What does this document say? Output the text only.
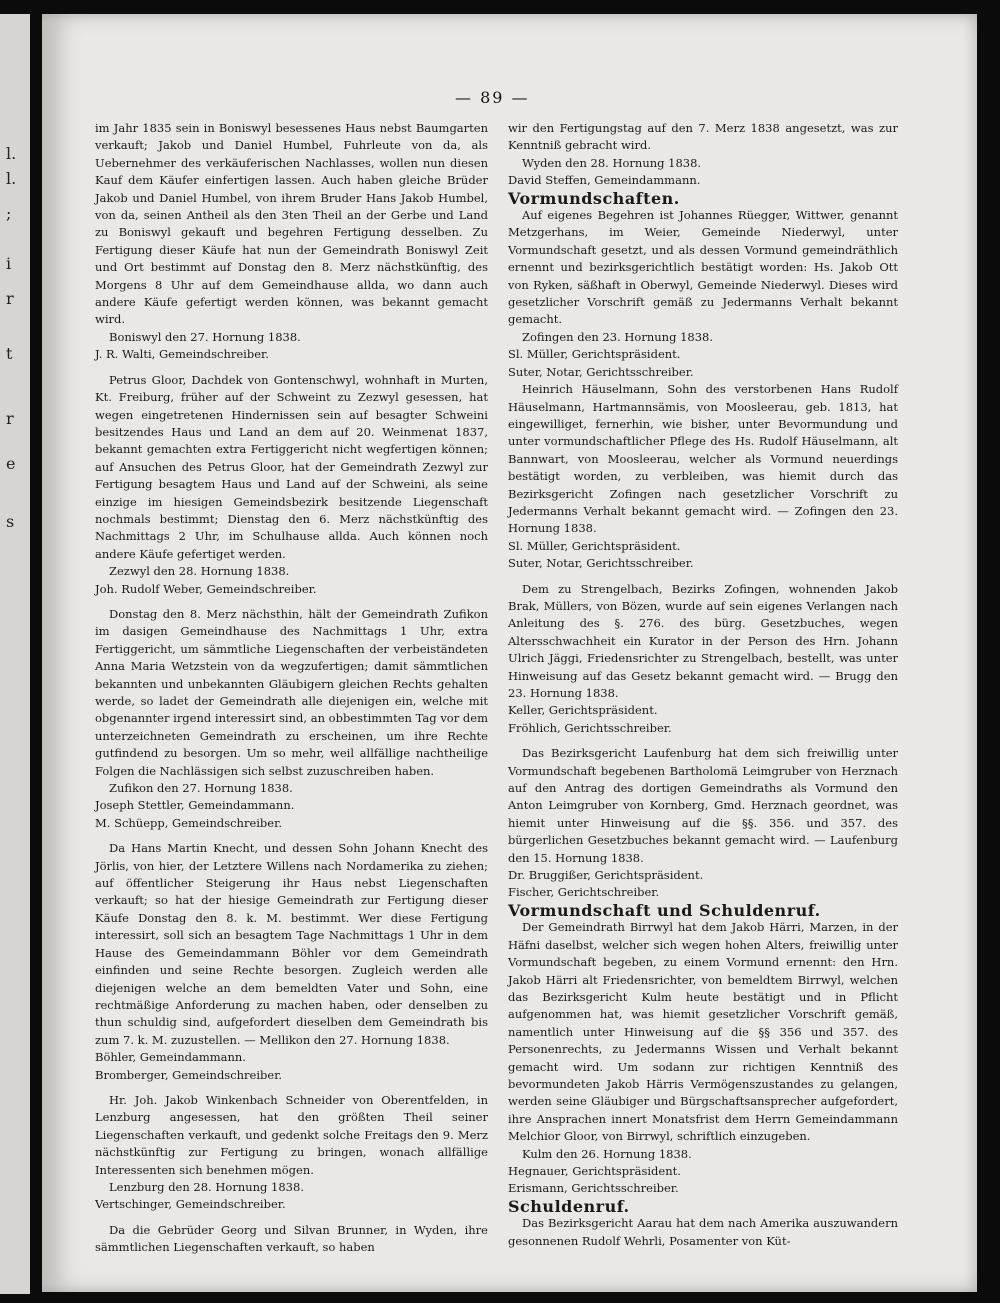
l.
l.
;
i
r
t
r
e
s
— 89 —

im Jahr 1835 sein in Boniswyl besessenes Haus nebst Baumgarten verkauft; Jakob und Daniel Humbel, Fuhrleute von da, als Uebernehmer des verkäuferischen Nachlasses, wollen nun diesen Kauf dem Käufer einfertigen lassen. Auch haben gleiche Brüder Jakob und Daniel Humbel, von ihrem Bruder Hans Jakob Humbel, von da, seinen Antheil als den 3ten Theil an der Gerbe und Land zu Boniswyl gekauft und begehren Fertigung desselben. Zu Fertigung dieser Käufe hat nun der Gemeindrath Boniswyl Zeit und Ort bestimmt auf Donstag den 8. Merz nächstkünftig, des Morgens 8 Uhr auf dem Gemeindhause allda, wo dann auch andere Käufe gefertigt werden können, was bekannt gemacht wird.

Boniswyl den 27. Hornung 1838.

J. R. Walti, Gemeindschreiber.

Petrus Gloor, Dachdek von Gontenschwyl, wohnhaft in Murten, Kt. Freiburg, früher auf der Schweint zu Zezwyl gesessen, hat wegen eingetretenen Hindernissen sein auf besagter Schweini besitzendes Haus und Land an dem auf 20. Weinmenat 1837, bekannt gemachten extra Fertiggericht nicht wegfertigen können; auf Ansuchen des Petrus Gloor, hat der Gemeindrath Zezwyl zur Fertigung besagtem Haus und Land auf der Schweini, als seine einzige im hiesigen Gemeindsbezirk besitzende Liegenschaft nochmals bestimmt; Dienstag den 6. Merz nächstkünftig des Nachmittags 2 Uhr, im Schulhause allda. Auch können noch andere Käufe gefertiget werden.

Zezwyl den 28. Hornung 1838.

Joh. Rudolf Weber, Gemeindschreiber.

Donstag den 8. Merz nächsthin, hält der Gemeindrath Zufikon im dasigen Gemeindhause des Nachmittags 1 Uhr, extra Fertiggericht, um sämmtliche Liegenschaften der verbeiständeten Anna Maria Wetzstein von da wegzufertigen; damit sämmtlichen bekannten und unbekannten Gläubigern gleichen Rechts gehalten werde, so ladet der Gemeindrath alle diejenigen ein, welche mit obgenannter irgend interessirt sind, an obbestimmten Tag vor dem unterzeichneten Gemeindrath zu erscheinen, um ihre Rechte gutfindend zu besorgen. Um so mehr, weil allfällige nachtheilige Folgen die Nachlässigen sich selbst zuzuschreiben haben.

Zufikon den 27. Hornung 1838.

Joseph Stettler, Gemeindammann.

M. Schüepp, Gemeindschreiber.

Da Hans Martin Knecht, und dessen Sohn Johann Knecht des Jörlis, von hier, der Letztere Willens nach Nordamerika zu ziehen; auf öffentlicher Steigerung ihr Haus nebst Liegenschaften verkauft; so hat der hiesige Gemeindrath zur Fertigung dieser Käufe Donstag den 8. k. M. bestimmt. Wer diese Fertigung interessirt, soll sich an besagtem Tage Nachmittags 1 Uhr in dem Hause des Gemeindammann Böhler vor dem Gemeindrath einfinden und seine Rechte besorgen. Zugleich werden alle diejenigen welche an dem bemeldten Vater und Sohn, eine rechtmäßige Anforderung zu machen haben, oder denselben zu thun schuldig sind, aufgefordert dieselben dem Gemeindrath bis zum 7. k. M. zuzustellen. — Mellikon den 27. Hornung 1838.

Böhler, Gemeindammann.

Bromberger, Gemeindschreiber.

Hr. Joh. Jakob Winkenbach Schneider von Oberentfelden, in Lenzburg angesessen, hat den größten Theil seiner Liegenschaften verkauft, und gedenkt solche Freitags den 9. Merz nächstkünftig zur Fertigung zu bringen, wonach allfällige Interessenten sich benehmen mögen.

Lenzburg den 28. Hornung 1838.

Vertschinger, Gemeindschreiber.

Da die Gebrüder Georg und Silvan Brunner, in Wyden, ihre sämmtlichen Liegenschaften verkauft, so haben

wir den Fertigungstag auf den 7. Merz 1838 angesetzt, was zur Kenntniß gebracht wird.

Wyden den 28. Hornung 1838.

David Steffen, Gemeindammann.

Vormundschaften.

Auf eigenes Begehren ist Johannes Rüegger, Wittwer, genannt Metzgerhans, im Weier, Gemeinde Niederwyl, unter Vormundschaft gesetzt, und als dessen Vormund gemeindräthlich ernennt und bezirksgerichtlich bestätigt worden: Hs. Jakob Ott von Ryken, säßhaft in Oberwyl, Gemeinde Niederwyl. Dieses wird gesetzlicher Vorschrift gemäß zu Jedermanns Verhalt bekannt gemacht.

Zofingen den 23. Hornung 1838.

Sl. Müller, Gerichtspräsident.

Suter, Notar, Gerichtsschreiber.

Heinrich Häuselmann, Sohn des verstorbenen Hans Rudolf Häuselmann, Hartmannsämis, von Moosleerau, geb. 1813, hat eingewilliget, fernerhin, wie bisher, unter Bevormundung und unter vormundschaftlicher Pflege des Hs. Rudolf Häuselmann, alt Bannwart, von Moosleerau, welcher als Vormund neuerdings bestätigt worden, zu verbleiben, was hiemit durch das Bezirksgericht Zofingen nach gesetzlicher Vorschrift zu Jedermanns Verhalt bekannt gemacht wird. — Zofingen den 23. Hornung 1838.

Sl. Müller, Gerichtspräsident.

Suter, Notar, Gerichtsschreiber.

Dem zu Strengelbach, Bezirks Zofingen, wohnenden Jakob Brak, Müllers, von Bözen, wurde auf sein eigenes Verlangen nach Anleitung des §. 276. des bürg. Gesetzbuches, wegen Altersschwachheit ein Kurator in der Person des Hrn. Johann Ulrich Jäggi, Friedensrichter zu Strengelbach, bestellt, was unter Hinweisung auf das Gesetz bekannt gemacht wird. — Brugg den 23. Hornung 1838.

Keller, Gerichtspräsident.

Fröhlich, Gerichtsschreiber.

Das Bezirksgericht Laufenburg hat dem sich freiwillig unter Vormundschaft begebenen Bartholomä Leimgruber von Herznach auf den Antrag des dortigen Gemeindraths als Vormund den Anton Leimgruber von Kornberg, Gmd. Herznach geordnet, was hiemit unter Hinweisung auf die §§. 356. und 357. des bürgerlichen Gesetzbuches bekannt gemacht wird. — Laufenburg den 15. Hornung 1838.

Dr. Bruggißer, Gerichtspräsident.

Fischer, Gerichtschreiber.

Vormundschaft und Schuldenruf.

Der Gemeindrath Birrwyl hat dem Jakob Härri, Marzen, in der Häfni daselbst, welcher sich wegen hohen Alters, freiwillig unter Vormundschaft begeben, zu einem Vormund ernennt: den Hrn. Jakob Härri alt Friedensrichter, von bemeldtem Birrwyl, welchen das Bezirksgericht Kulm heute bestätigt und in Pflicht aufgenommen hat, was hiemit gesetzlicher Vorschrift gemäß, namentlich unter Hinweisung auf die §§ 356 und 357. des Personenrechts, zu Jedermanns Wissen und Verhalt bekannt gemacht wird. Um sodann zur richtigen Kenntniß des bevormundeten Jakob Härris Vermögenszustandes zu gelangen, werden seine Gläubiger und Bürgschaftsansprecher aufgefordert, ihre Ansprachen innert Monatsfrist dem Herrn Gemeindammann Melchior Gloor, von Birrwyl, schriftlich einzugeben.

Kulm den 26. Hornung 1838.

Hegnauer, Gerichtspräsident.

Erismann, Gerichtsschreiber.

Schuldenruf.

Das Bezirksgericht Aarau hat dem nach Amerika auszuwandern gesonnenen Rudolf Wehrli, Posamenter von Küt-
